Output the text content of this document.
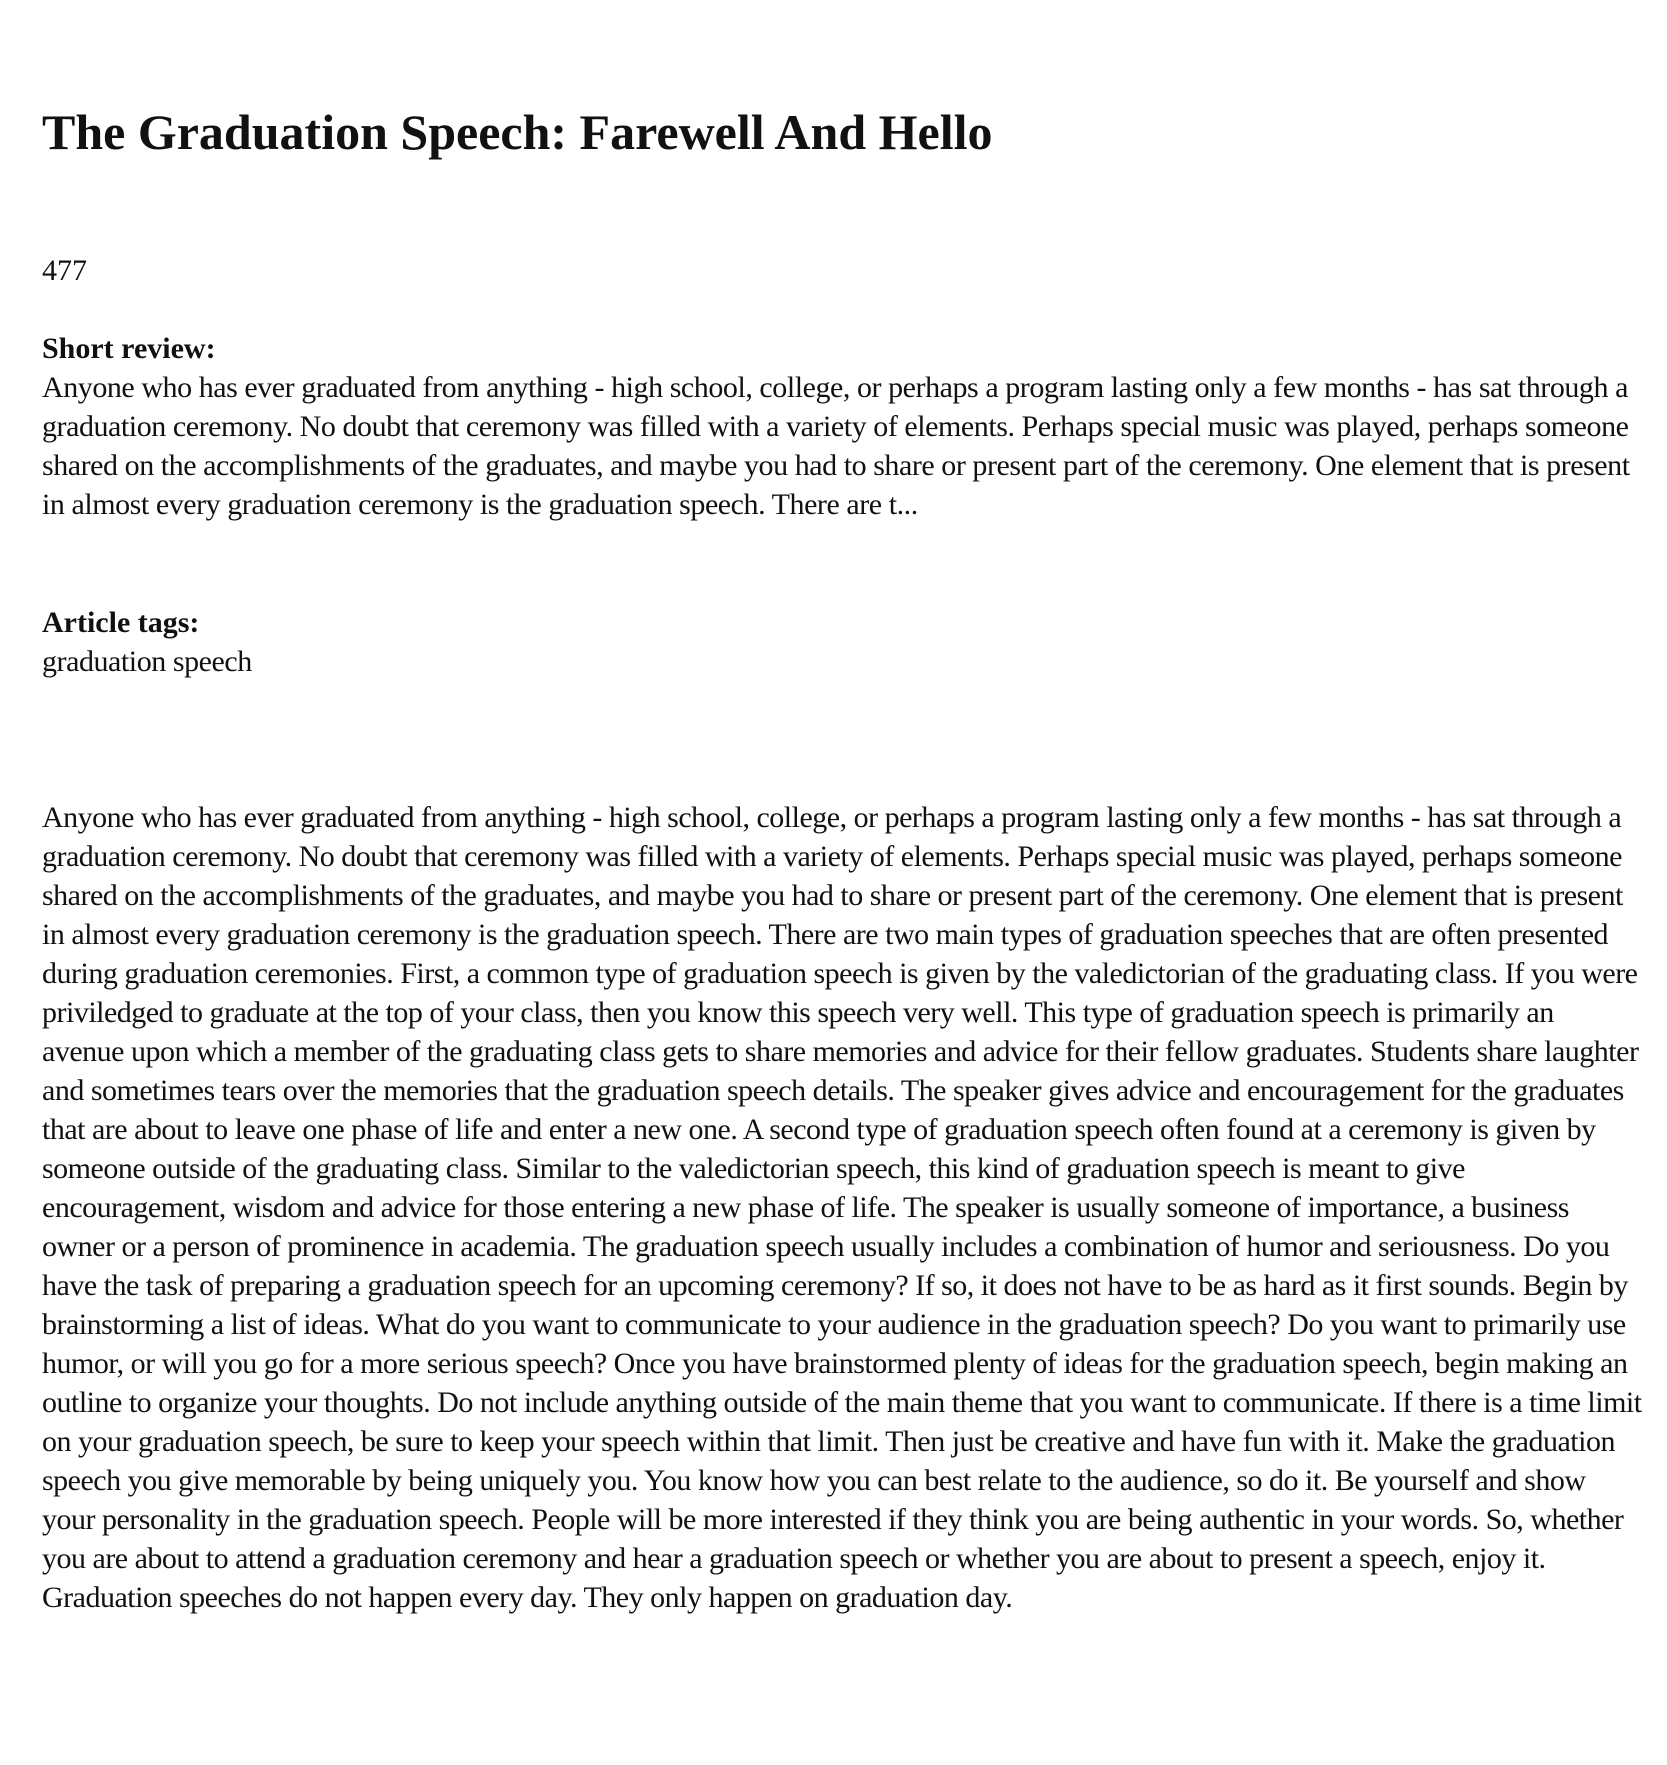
The Graduation Speech: Farewell And Hello
477
Short review:
Anyone who has ever graduated from anything - high school, college, or perhaps a program lasting only a few months - has sat through a graduation ceremony. No doubt that ceremony was filled with a variety of elements. Perhaps special music was played, perhaps someone shared on the accomplishments of the graduates, and maybe you had to share or present part of the ceremony. One element that is present in almost every graduation ceremony is the graduation speech. There are t...
Article tags:
graduation speech
Anyone who has ever graduated from anything - high school, college, or perhaps a program lasting only a few months - has sat through a graduation ceremony. No doubt that ceremony was filled with a variety of elements. Perhaps special music was played, perhaps someone shared on the accomplishments of the graduates, and maybe you had to share or present part of the ceremony. One element that is present in almost every graduation ceremony is the graduation speech. There are two main types of graduation speeches that are often presented during graduation ceremonies. First, a common type of graduation speech is given by the valedictorian of the graduating class. If you were priviledged to graduate at the top of your class, then you know this speech very well. This type of graduation speech is primarily an avenue upon which a member of the graduating class gets to share memories and advice for their fellow graduates. Students share laughter and sometimes tears over the memories that the graduation speech details. The speaker gives advice and encouragement for the graduates that are about to leave one phase of life and enter a new one. A second type of graduation speech often found at a ceremony is given by someone outside of the graduating class. Similar to the valedictorian speech, this kind of graduation speech is meant to give encouragement, wisdom and advice for those entering a new phase of life. The speaker is usually someone of importance, a business owner or a person of prominence in academia. The graduation speech usually includes a combination of humor and seriousness. Do you have the task of preparing a graduation speech for an upcoming ceremony? If so, it does not have to be as hard as it first sounds. Begin by brainstorming a list of ideas. What do you want to communicate to your audience in the graduation speech? Do you want to primarily use humor, or will you go for a more serious speech? Once you have brainstormed plenty of ideas for the graduation speech, begin making an outline to organize your thoughts. Do not include anything outside of the main theme that you want to communicate. If there is a time limit on your graduation speech, be sure to keep your speech within that limit. Then just be creative and have fun with it. Make the graduation speech you give memorable by being uniquely you. You know how you can best relate to the audience, so do it. Be yourself and show your personality in the graduation speech. People will be more interested if they think you are being authentic in your words. So, whether you are about to attend a graduation ceremony and hear a graduation speech or whether you are about to present a speech, enjoy it. Graduation speeches do not happen every day. They only happen on graduation day.
